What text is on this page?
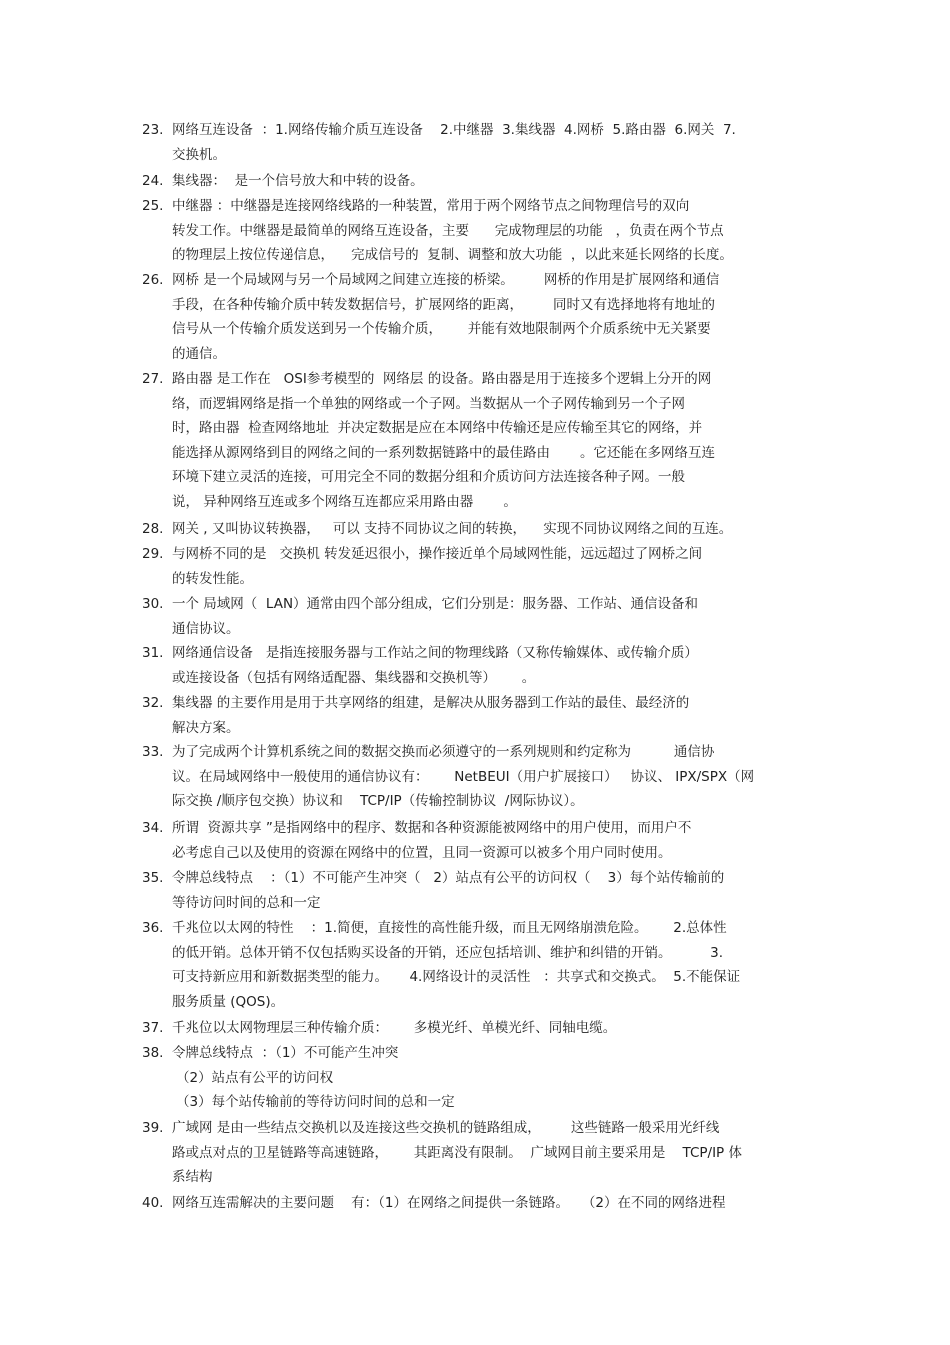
23. 网络互连设备  ：1.网络传输介质互连设备    2.中继器  3.集线器  4.网桥  5.路由器  6.网关  7.
交换机。
24. 集线器：  是一个信号放大和中转的设备。
25. 中继器 ：中继器是连接网络线路的一种装置，常用于两个网络节点之间物理信号的双向
转发工作。中继器是最简单的网络互连设备，主要      完成物理层的功能   ，负责在两个节点
的物理层上按位传递信息，    完成信号的  复制、调整和放大功能  ，以此来延长网络的长度。
26. 网桥 是一个局域网与另一个局域网之间建立连接的桥梁。       网桥的作用是扩展网络和通信
手段，在各种传输介质中转发数据信号，扩展网络的距离，       同时又有选择地将有地址的
信号从一个传输介质发送到另一个传输介质，      并能有效地限制两个介质系统中无关紧要
的通信。
27. 路由器 是工作在   OSI参考模型的  网络层 的设备。路由器是用于连接多个逻辑上分开的网
络，而逻辑网络是指一个单独的网络或一个子网。当数据从一个子网传输到另一个子网
时，路由器  检查网络地址  并决定数据是应在本网络中传输还是应传输至其它的网络，并
能选择从源网络到目的网络之间的一系列数据链路中的最佳路由       。它还能在多网络互连
环境下建立灵活的连接，可用完全不同的数据分组和介质访问方法连接各种子网。一般
说， 异种网络互连或多个网络互连都应采用路由器       。
28. 网关 , 又叫协议转换器，   可以 支持不同协议之间的转换，    实现不同协议网络之间的互连。
29. 与网桥不同的是   交换机 转发延迟很小，操作接近单个局域网性能，远远超过了网桥之间
的转发性能。
30. 一个 局域网（  LAN）通常由四个部分组成，它们分别是：服务器、工作站、通信设备和
通信协议。
31. 网络通信设备   是指连接服务器与工作站之间的物理线路（又称传输媒体、或传输介质）
或连接设备（包括有网络适配器、集线器和交换机等）      。
32. 集线器 的主要作用是用于共享网络的组建，是解决从服务器到工作站的最佳、最经济的
解决方案。
33. 为了完成两个计算机系统之间的数据交换而必须遵守的一系列规则和约定称为          通信协
议。在局域网络中一般使用的通信协议有：      NetBEUI（用户扩展接口）   协议、 IPX/SPX（网
际交换 /顺序包交换）协议和    TCP/IP（传输控制协议  /网际协议）。
34. 所谓  资源共享 ”是指网络中的程序、数据和各种资源能被网络中的用户使用，而用户不
必考虑自己以及使用的资源在网络中的位置，且同一资源可以被多个用户同时使用。
35. 令牌总线特点    ：（1）不可能产生冲突（   2）站点有公平的访问权（    3）每个站传输前的
等待访问时间的总和一定
36. 千兆位以太网的特性    ：1.简便，直接性的高性能升级，而且无网络崩溃危险。      2.总体性
的低开销。总体开销不仅包括购买设备的开销，还应包括培训、维护和纠错的开销。         3.
可支持新应用和新数据类型的能力。     4.网络设计的灵活性   ：共享式和交换式。  5.不能保证
服务质量 (QOS)。
37. 千兆位以太网物理层三种传输介质：      多模光纤、单模光纤、同轴电缆。
38. 令牌总线特点  ：（1）不可能产生冲突
（2）站点有公平的访问权
（3）每个站传输前的等待访问时间的总和一定
39. 广域网 是由一些结点交换机以及连接这些交换机的链路组成，       这些链路一般采用光纤线
路或点对点的卫星链路等高速链路，      其距离没有限制。  广域网目前主要采用是    TCP/IP 体
系结构
40. 网络互连需解决的主要问题    有：（1）在网络之间提供一条链路。   （2）在不同的网络进程
